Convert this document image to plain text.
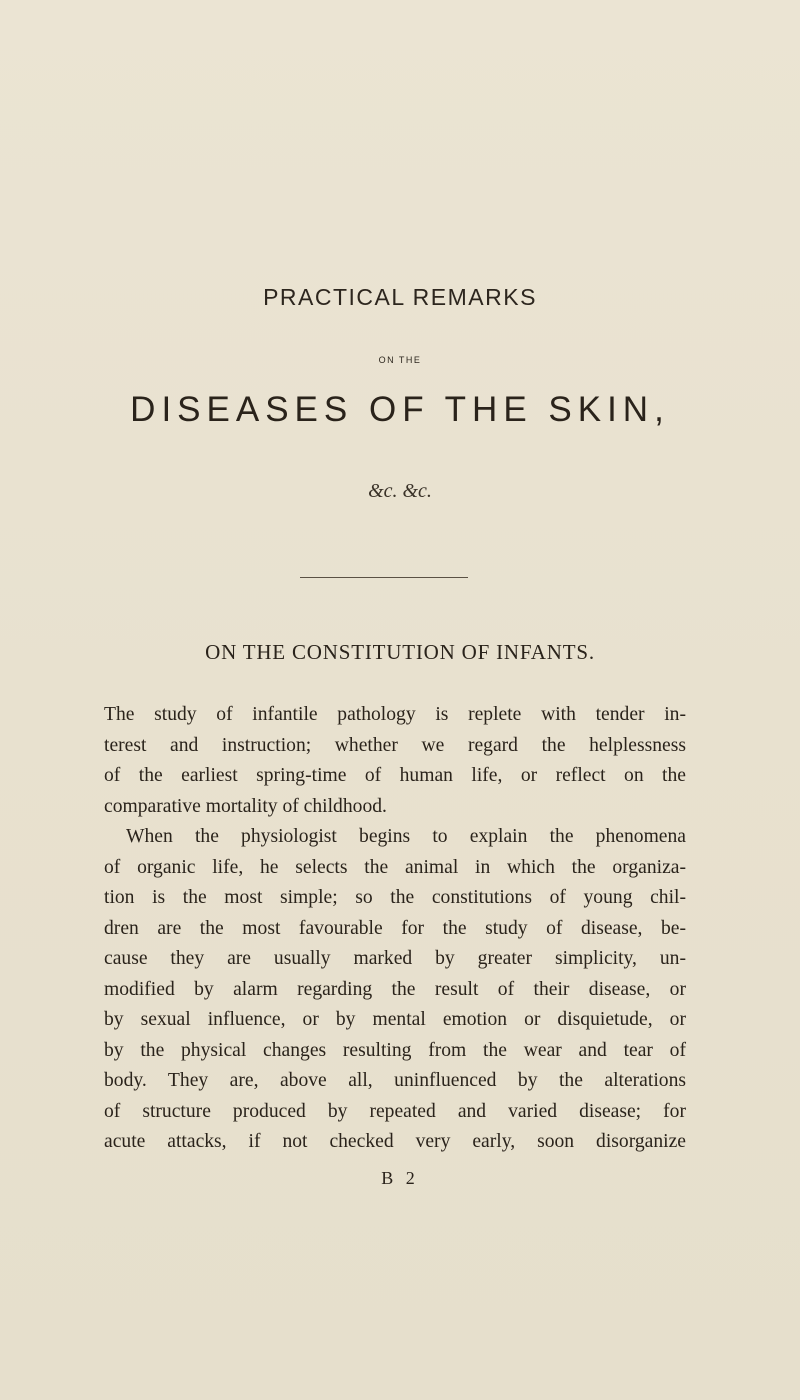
PRACTICAL REMARKS
ON THE
DISEASES OF THE SKIN,
&c. &c.
ON THE CONSTITUTION OF INFANTS.
The study of infantile pathology is replete with tender in-
terest and instruction; whether we regard the helplessness
of the earliest spring-time of human life, or reflect on the
comparative mortality of childhood.
When the physiologist begins to explain the phenomena
of organic life, he selects the animal in which the organiza-
tion is the most simple; so the constitutions of young chil-
dren are the most favourable for the study of disease, be-
cause they are usually marked by greater simplicity, un-
modified by alarm regarding the result of their disease, or
by sexual influence, or by mental emotion or disquietude, or
by the physical changes resulting from the wear and tear of
body. They are, above all, uninfluenced by the alterations
of structure produced by repeated and varied disease; for
acute attacks, if not checked very early, soon disorganize
B 2
